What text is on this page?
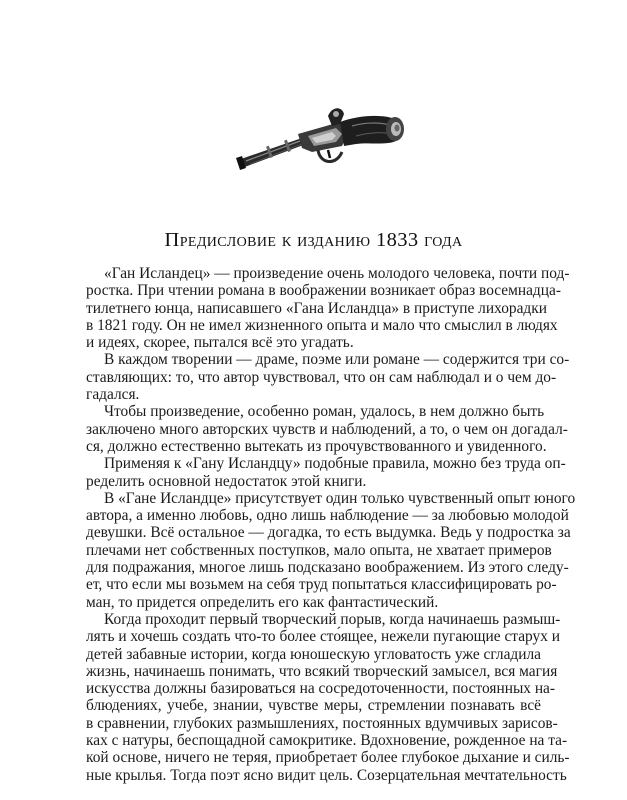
Предисловие к изданию 1833 года
«Ган Исландец» — произведение очень молодого человека, почти под-
ростка. При чтении романа в воображении возникает образ восемнадца-
тилетнего юнца, написавшего «Гана Исландца» в приступе лихорадки
в 1821 году. Он не имел жизненного опыта и мало что смыслил в людях
и идеях, скорее, пытался всё это угадать.
В каждом творении — драме, поэме или романе — содержится три со-
ставляющих: то, что автор чувствовал, что он сам наблюдал и о чем до-
гадался.
Чтобы произведение, особенно роман, удалось, в нем должно быть
заключено много авторских чувств и наблюдений, а то, о чем он догадал-
ся, должно естественно вытекать из прочувствованного и увиденного.
Применяя к «Гану Исландцу» подобные правила, можно без труда оп-
ределить основной недостаток этой книги.
В «Гане Исландце» присутствует один только чувственный опыт юного
автора, а именно любовь, одно лишь наблюдение — за любовью молодой
девушки. Всё остальное — догадка, то есть выдумка. Ведь у подростка за
плечами нет собственных поступков, мало опыта, не хватает примеров
для подражания, многое лишь подсказано воображением. Из этого следу-
ет, что если мы возьмем на себя труд попытаться классифицировать ро-
ман, то придется определить его как фантастический.
Когда проходит первый творческий порыв, когда начинаешь размыш-
лять и хочешь создать что-то более сто́ящее, нежели пугающие старух и
детей забавные истории, когда юношескую угловатость уже сгладила
жизнь, начинаешь понимать, что всякий творческий замысел, вся магия
искусства должны базироваться на сосредоточенности, постоянных на-
блюдениях, учебе, знании, чувстве меры, стремлении познавать всё
в сравнении, глубоких размышлениях, постоянных вдумчивых зарисов-
ках с натуры, беспощадной самокритике. Вдохновение, рожденное на та-
кой основе, ничего не теряя, приобретает более глубокое дыхание и силь-
ные крылья. Тогда поэт ясно видит цель. Созерцательная мечтательность
